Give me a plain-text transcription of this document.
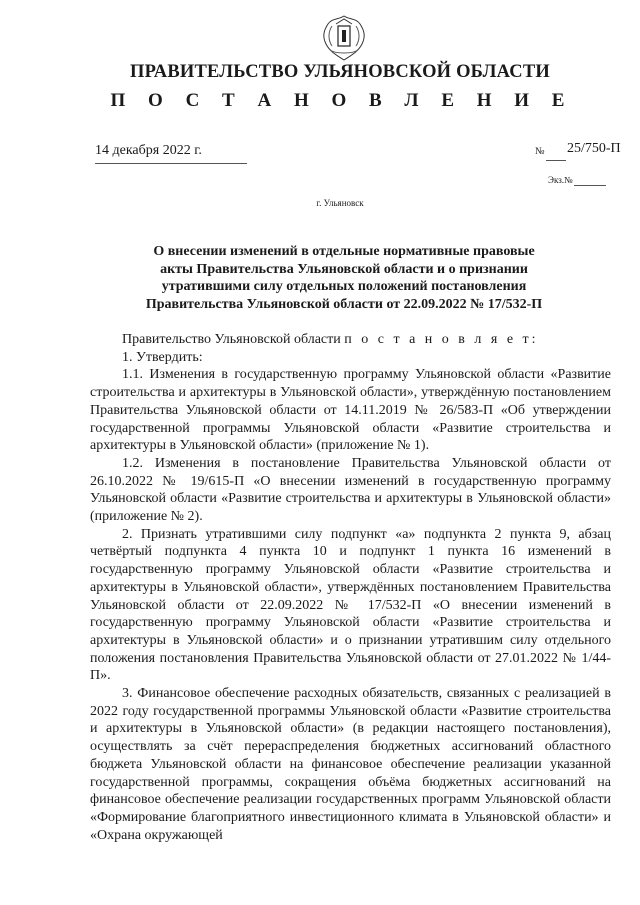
ПРАВИТЕЛЬСТВО УЛЬЯНОВСКОЙ ОБЛАСТИ
П О С Т А Н О В Л Е Н И Е
14 декабря 2022 г.	№ 25/750-П
Экз.№
г. Ульяновск
О внесении изменений в отдельные нормативные правовые
акты Правительства Ульяновской области и о признании
утратившими силу отдельных положений постановления
Правительства Ульяновской области от 22.09.2022 № 17/532-П

Правительство Ульяновской области п о с т а н о в л я е т:

1. Утвердить:

1.1. Изменения в государственную программу Ульяновской области «Развитие строительства и архитектуры в Ульяновской области», утверждённую постановлением Правительства Ульяновской области от 14.11.2019 № 26/583-П «Об утверждении государственной программы Ульяновской области «Развитие строительства и архитектуры в Ульяновской области» (приложение № 1).

1.2. Изменения в постановление Правительства Ульяновской области от 26.10.2022 № 19/615-П «О внесении изменений в государственную программу Ульяновской области «Развитие строительства и архитектуры в Ульяновской области» (приложение № 2).

2. Признать утратившими силу подпункт «а» подпункта 2 пункта 9, абзац четвёртый подпункта 4 пункта 10 и подпункт 1 пункта 16 изменений в государственную программу Ульяновской области «Развитие строительства и архитектуры в Ульяновской области», утверждённых постановлением Правительства Ульяновской области от 22.09.2022 № 17/532-П «О внесении изменений в государственную программу Ульяновской области «Развитие строительства и архитектуры в Ульяновской области» и о признании утратившим силу отдельного положения постановления Правительства Ульяновской области от 27.01.2022 № 1/44-П».

3. Финансовое обеспечение расходных обязательств, связанных с реализацией в 2022 году государственной программы Ульяновской области «Развитие строительства и архитектуры в Ульяновской области» (в редакции настоящего постановления), осуществлять за счёт перераспределения бюджетных ассигнований областного бюджета Ульяновской области на финансовое обеспечение реализации указанной государственной программы, сокращения объёма бюджетных ассигнований на финансовое обеспечение реализации государственных программ Ульяновской области «Формирование благоприятного инвестиционного климата в Ульяновской области» и «Охрана окружающей
